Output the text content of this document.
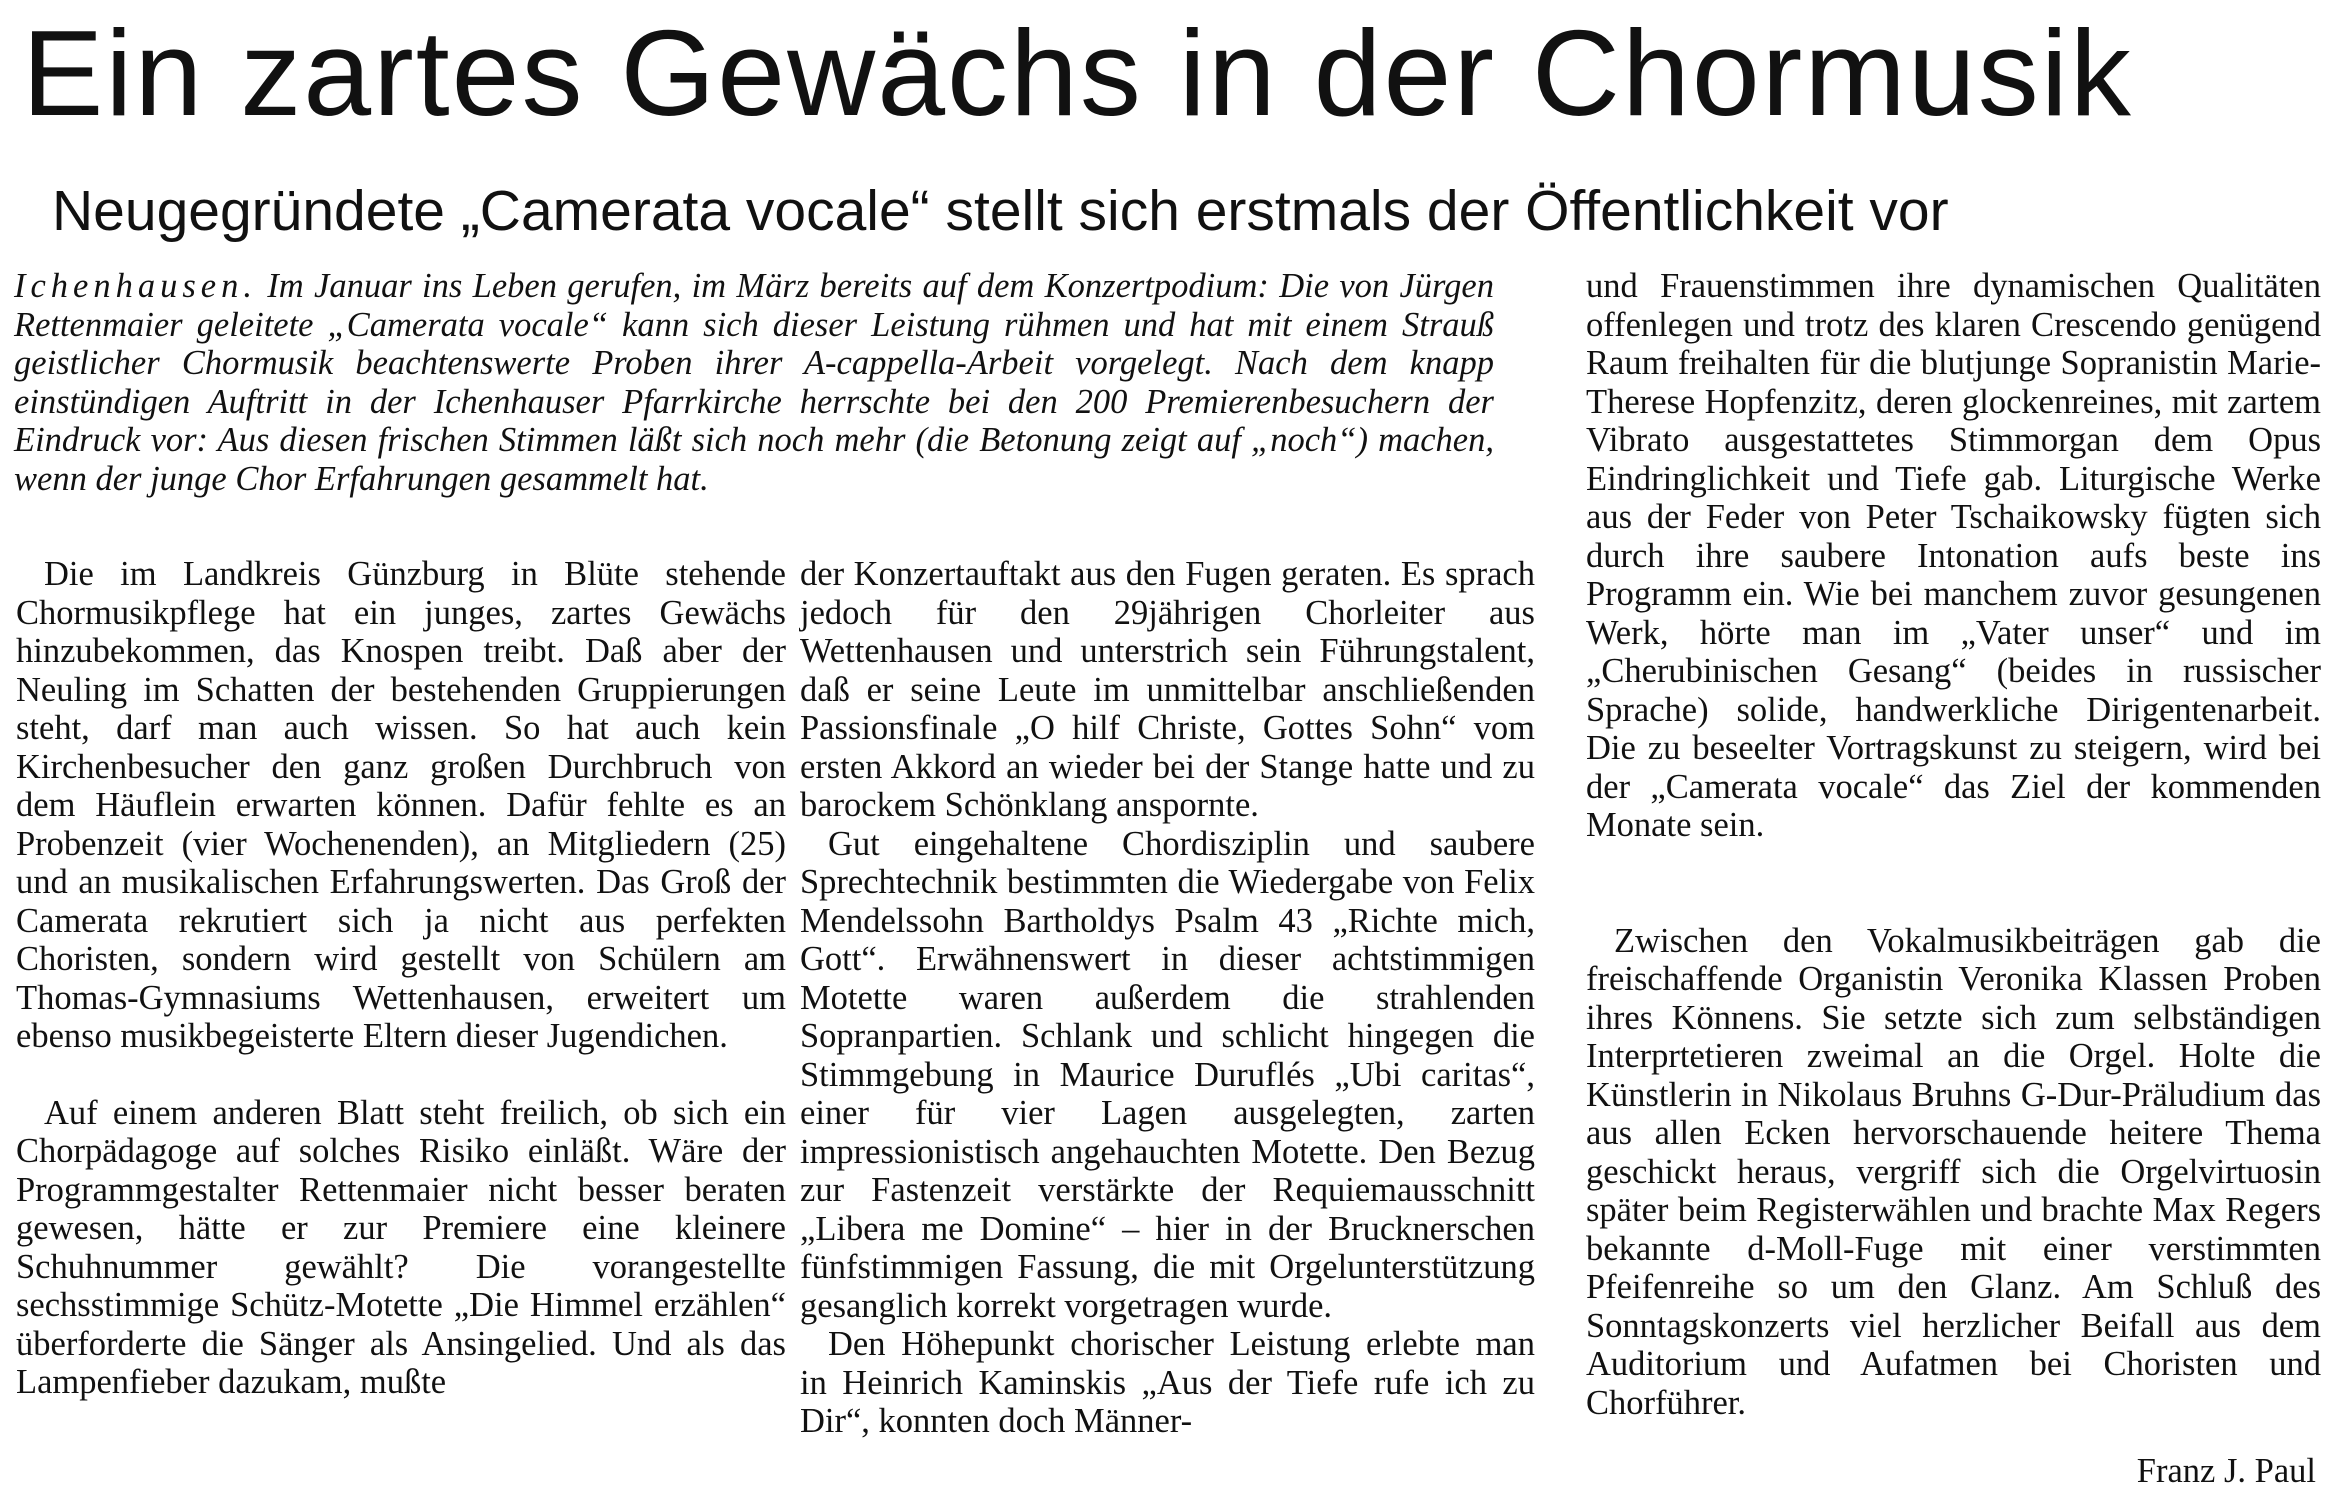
Ein zartes Gewächs in der Chormusik
Neugegründete „Camerata vocale“ stellt sich erstmals der Öffentlichkeit vor

Ichenhausen. Im Januar ins Leben gerufen, im März bereits auf dem Konzertpodium: Die von Jürgen Rettenmaier geleitete „Camerata vocale“ kann sich dieser Leistung rühmen und hat mit einem Strauß geistlicher Chormusik beachtenswerte Proben ihrer A-cappella-Arbeit vorgelegt. Nach dem knapp einstündigen Auftritt in der Ichenhauser Pfarrkirche herrschte bei den 200 Premierenbesuchern der Eindruck vor: Aus diesen frischen Stimmen läßt sich noch mehr (die Betonung zeigt auf „noch“) machen, wenn der junge Chor Erfahrungen gesammelt hat.

Die im Landkreis Günzburg in Blüte stehende Chormusikpflege hat ein junges, zartes Gewächs hinzubekommen, das Knospen treibt. Daß aber der Neuling im Schatten der bestehenden Gruppierungen steht, darf man auch wissen. So hat auch kein Kirchenbesucher den ganz großen Durchbruch von dem Häuflein erwarten können. Dafür fehlte es an Probenzeit (vier Wochenenden), an Mitgliedern (25) und an musikalischen Erfahrungswerten. Das Groß der Camerata rekrutiert sich ja nicht aus perfekten Choristen, sondern wird gestellt von Schülern am Thomas-Gymnasiums Wettenhausen, erweitert um ebenso musikbegeisterte Eltern dieser Jugendichen.

Auf einem anderen Blatt steht freilich, ob sich ein Chorpädagoge auf solches Risiko einläßt. Wäre der Programmgestalter Rettenmaier nicht besser beraten gewesen, hätte er zur Premiere eine kleinere Schuhnummer gewählt? Die vorangestellte sechsstimmige Schütz-Motette „Die Himmel erzählen“ überforderte die Sänger als Ansingelied. Und als das Lampenfieber dazukam, mußte

der Konzertauftakt aus den Fugen geraten. Es sprach jedoch für den 29jährigen Chorleiter aus Wettenhausen und unterstrich sein Führungstalent, daß er seine Leute im unmittelbar anschließenden Passionsfinale „O hilf Christe, Gottes Sohn“ vom ersten Akkord an wieder bei der Stange hatte und zu barockem Schönklang anspornte.

Gut eingehaltene Chordisziplin und saubere Sprechtechnik bestimmten die Wiedergabe von Felix Mendelssohn Bartholdys Psalm 43 „Richte mich, Gott“. Erwähnenswert in dieser achtstimmigen Motette waren außerdem die strahlenden Sopranpartien. Schlank und schlicht hingegen die Stimmgebung in Maurice Duruflés „Ubi caritas“, einer für vier Lagen ausgelegten, zarten impressionistisch angehauchten Motette. Den Bezug zur Fastenzeit verstärkte der Requiemausschnitt „Libera me Domine“ – hier in der Brucknerschen fünfstimmigen Fassung, die mit Orgelunterstützung gesanglich korrekt vorgetragen wurde.

Den Höhepunkt chorischer Leistung erlebte man in Heinrich Kaminskis „Aus der Tiefe rufe ich zu Dir“, konnten doch Männer-

und Frauenstimmen ihre dynamischen Qualitäten offenlegen und trotz des klaren Crescendo genügend Raum freihalten für die blutjunge Sopranistin Marie-Therese Hopfenzitz, deren glockenreines, mit zartem Vibrato ausgestattetes Stimmorgan dem Opus Eindringlichkeit und Tiefe gab. Liturgische Werke aus der Feder von Peter Tschaikowsky fügten sich durch ihre saubere Intonation aufs beste ins Programm ein. Wie bei manchem zuvor gesungenen Werk, hörte man im „Vater unser“ und im „Cherubinischen Gesang“ (beides in russischer Sprache) solide, handwerkliche Dirigentenarbeit. Die zu beseelter Vortragskunst zu steigern, wird bei der „Camerata vocale“ das Ziel der kommenden Monate sein.

Zwischen den Vokalmusikbeiträgen gab die freischaffende Organistin Veronika Klassen Proben ihres Könnens. Sie setzte sich zum selbständigen Interprtetieren zweimal an die Orgel. Holte die Künstlerin in Nikolaus Bruhns G-Dur-Präludium das aus allen Ecken hervorschauende heitere Thema geschickt heraus, vergriff sich die Orgelvirtuosin später beim Registerwählen und brachte Max Regers bekannte d-Moll-Fuge mit einer verstimmten Pfeifenreihe so um den Glanz. Am Schluß des Sonntagskonzerts viel herzlicher Beifall aus dem Auditorium und Aufatmen bei Choristen und Chorführer.

Franz J. Paul
